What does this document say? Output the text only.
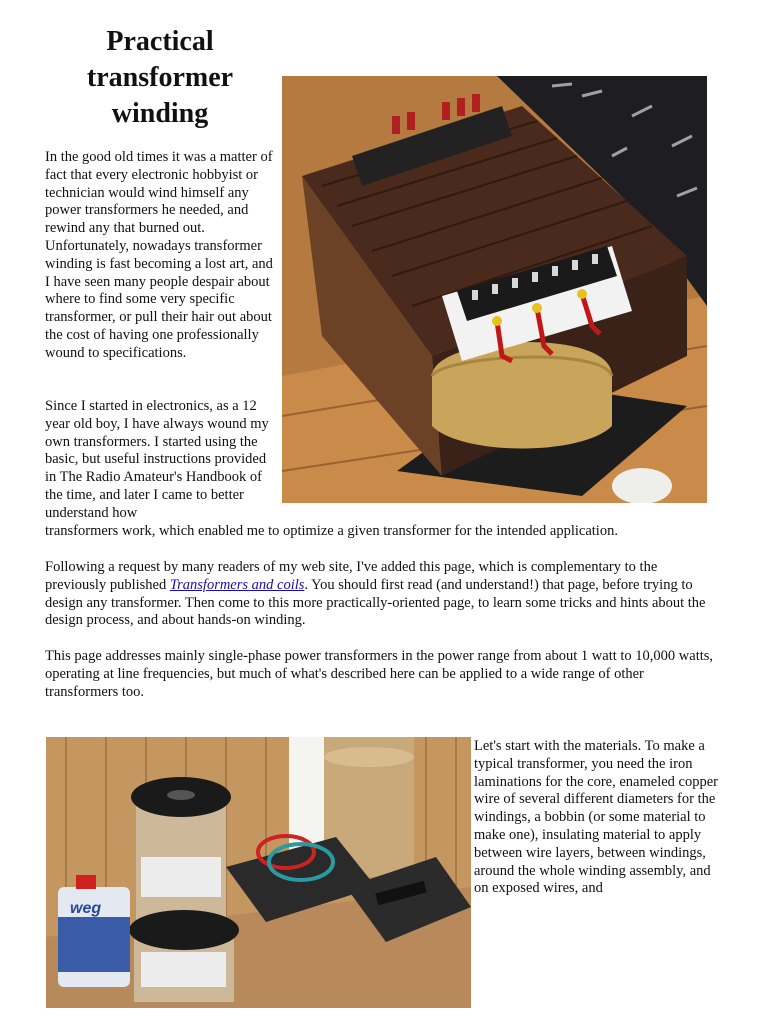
Practical
transformer
winding

In the good old times it was a matter of fact that every electronic hobbyist or technician would wind himself any power transformers he needed, and rewind any that burned out. Unfortunately, nowadays transformer winding is fast becoming a lost art, and I have seen many people despair about where to find some very specific transformer, or pull their hair out about the cost of having one professionally wound to specifications.

Since I started in electronics, as a 12 year old boy, I have always wound my own transformers. I started using the basic, but useful instructions provided in The Radio Amateur's Handbook of the time, and later I came to better understand how

transformers work, which enabled me to optimize a given transformer for the intended application.

Following a request by many readers of my web site, I've added this page, which is complementary to the previously published Transformers and coils. You should first read (and understand!) that page, before trying to design any transformer. Then come to this more practically-oriented page, to learn some tricks and hints about the design process, and about hands-on winding.

This page addresses mainly single-phase power transformers in the power range from about 1 watt to 10,000 watts, operating at line frequencies, but much of what's described here can be applied to a wide range of other transformers too.

weg

Let's start with the materials. To make a typical transformer, you need the iron laminations for the core, enameled copper wire of several different diameters for the windings, a bobbin (or some material to make one), insulating material to apply between wire layers, between windings, around the whole winding assembly, and on exposed wires, and
